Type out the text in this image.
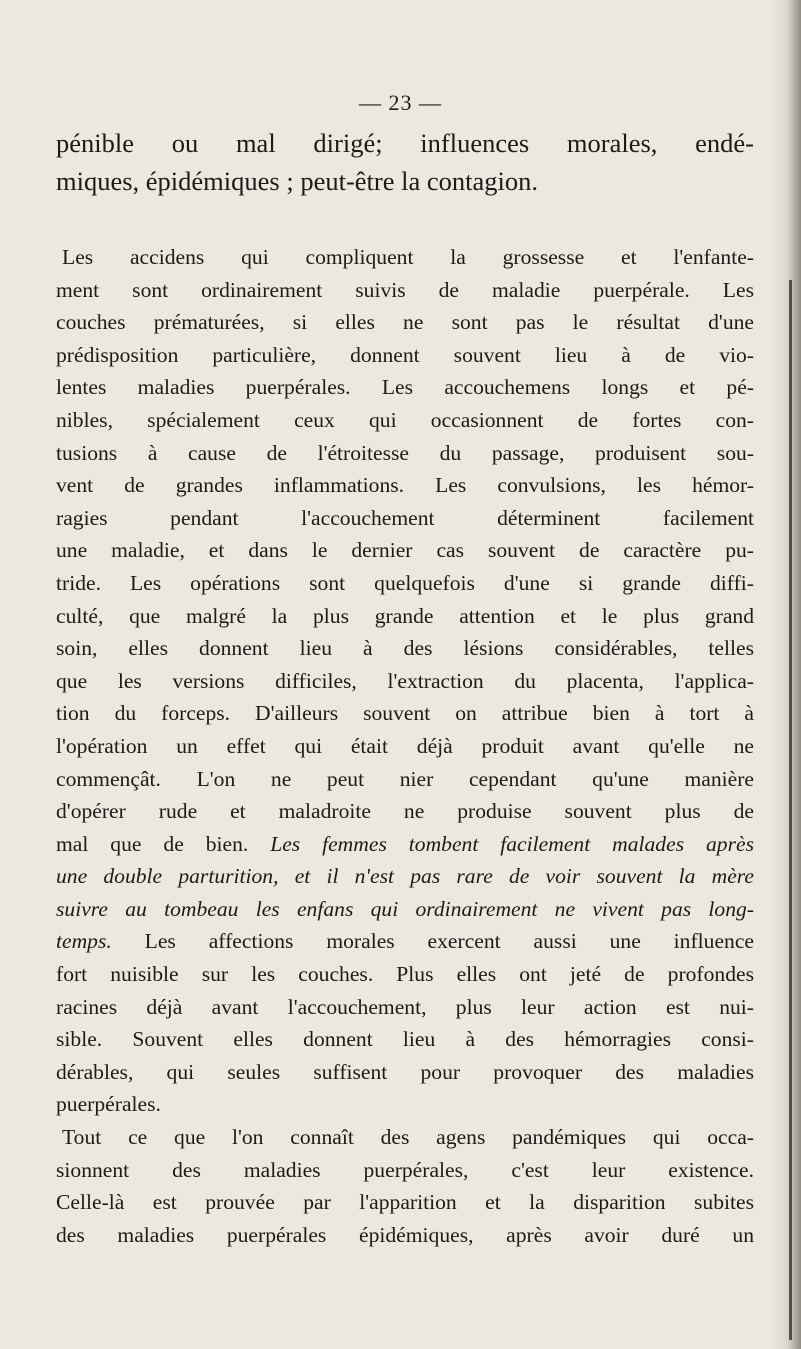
— 23 —
pénible ou mal dirigé; influences morales, endé-
miques, épidémiques ; peut-être la contagion.
Les accidens qui compliquent la grossesse et l'enfante-
ment sont ordinairement suivis de maladie puerpérale. Les
couches prématurées, si elles ne sont pas le résultat d'une
prédisposition particulière, donnent souvent lieu à de vio-
lentes maladies puerpérales. Les accouchemens longs et pé-
nibles, spécialement ceux qui occasionnent de fortes con-
tusions à cause de l'étroitesse du passage, produisent sou-
vent de grandes inflammations. Les convulsions, les hémor-
ragies pendant l'accouchement déterminent facilement
une maladie, et dans le dernier cas souvent de caractère pu-
tride. Les opérations sont quelquefois d'une si grande diffi-
culté, que malgré la plus grande attention et le plus grand
soin, elles donnent lieu à des lésions considérables, telles
que les versions difficiles, l'extraction du placenta, l'applica-
tion du forceps. D'ailleurs souvent on attribue bien à tort à
l'opération un effet qui était déjà produit avant qu'elle ne
commençât. L'on ne peut nier cependant qu'une manière
d'opérer rude et maladroite ne produise souvent plus de
mal que de bien. Les femmes tombent facilement malades après
une double parturition, et il n'est pas rare de voir souvent la mère
suivre au tombeau les enfans qui ordinairement ne vivent pas long-
temps. Les affections morales exercent aussi une influence
fort nuisible sur les couches. Plus elles ont jeté de profondes
racines déjà avant l'accouchement, plus leur action est nui-
sible. Souvent elles donnent lieu à des hémorragies consi-
dérables, qui seules suffisent pour provoquer des maladies
puerpérales.
Tout ce que l'on connaît des agens pandémiques qui occa-
sionnent des maladies puerpérales, c'est leur existence.
Celle-là est prouvée par l'apparition et la disparition subites
des maladies puerpérales épidémiques, après avoir duré un
